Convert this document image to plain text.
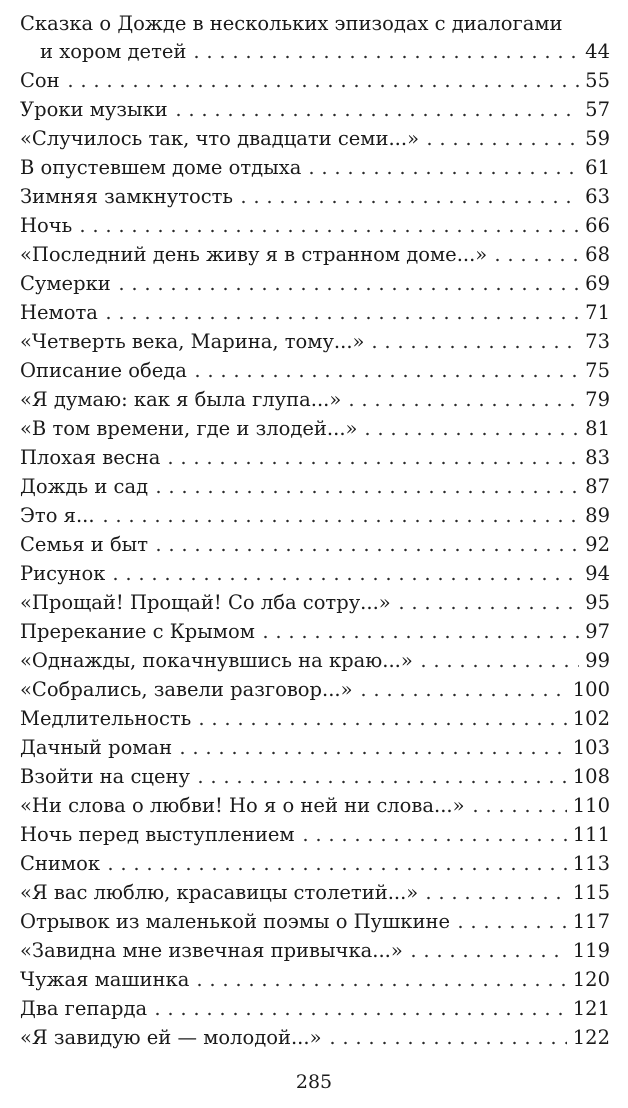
Сказка о Дожде в нескольких эпизодах с диалогами
и хором детей	44
Сон	55
Уроки музыки	57
«Случилось так, что двадцати семи...»	59
В опустевшем доме отдыха	61
Зимняя замкнутость	63
Ночь	66
«Последний день живу я в странном доме...»	68
Сумерки	69
Немота	71
«Четверть века, Марина, тому...»	73
Описание обеда	75
«Я думаю: как я была глупа...»	79
«В том времени, где и злодей...»	81
Плохая весна	83
Дождь и сад	87
Это я...	89
Семья и быт	92
Рисунок	94
«Прощай! Прощай! Со лба сотру...»	95
Пререкание с Крымом	97
«Однажды, покачнувшись на краю...»	99
«Собрались, завели разговор...»	100
Медлительность	102
Дачный роман	103
Взойти на сцену	108
«Ни слова о любви! Но я о ней ни слова...»	110
Ночь перед выступлением	111
Снимок	113
«Я вас люблю, красавицы столетий...»	115
Отрывок из маленькой поэмы о Пушкине	117
«Завидна мне извечная привычка...»	119
Чужая машинка	120
Два гепарда	121
«Я завидую ей — молодой...»	122
285
